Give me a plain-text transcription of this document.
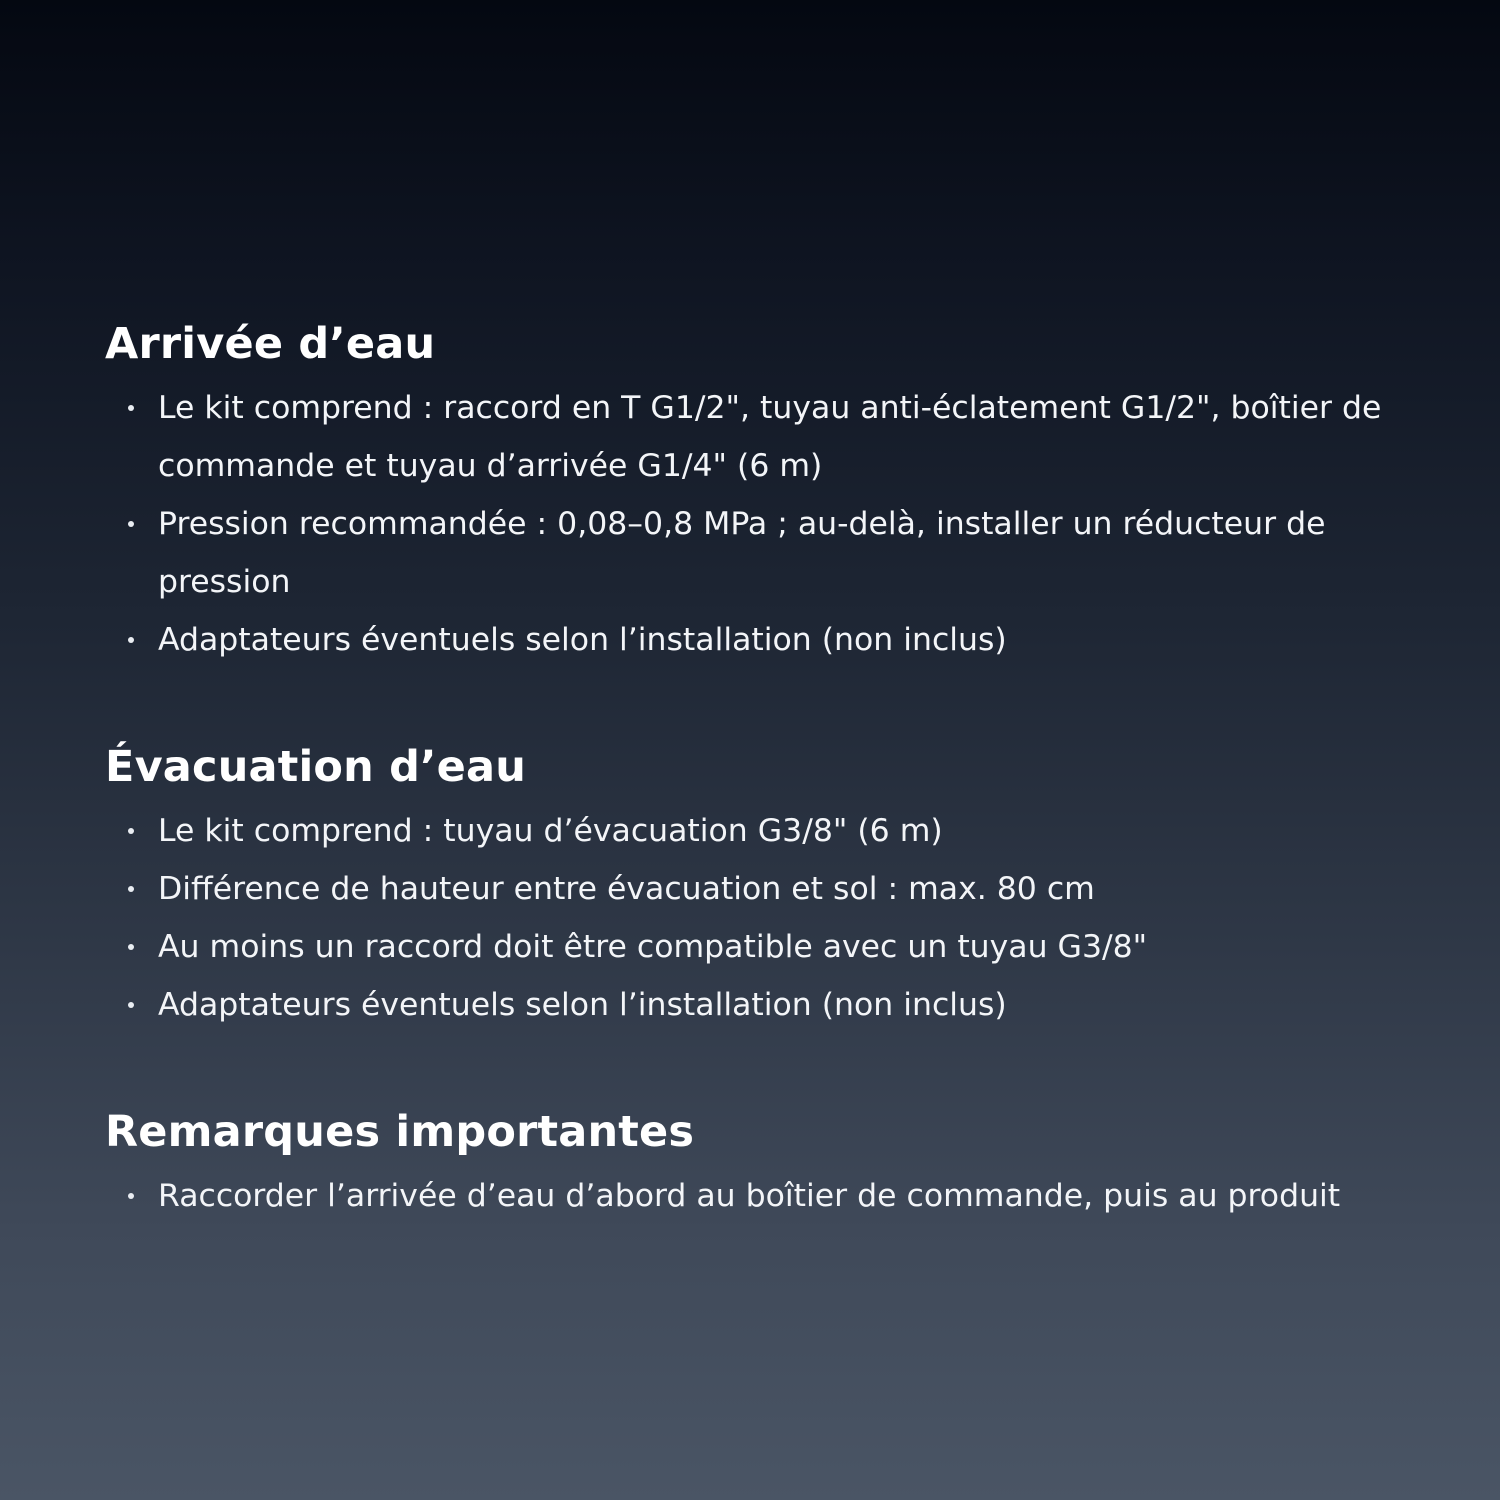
Arrivée d’eau
Le kit comprend : raccord en T G1/2", tuyau anti-éclatement G1/2", boîtier de commande et tuyau d’arrivée G1/4" (6 m)
Pression recommandée : 0,08–0,8 MPa ; au-delà, installer un réducteur de pression
Adaptateurs éventuels selon l’installation (non inclus)
Évacuation d’eau
Le kit comprend : tuyau d’évacuation G3/8" (6 m)
Différence de hauteur entre évacuation et sol : max. 80 cm
Au moins un raccord doit être compatible avec un tuyau G3/8"
Adaptateurs éventuels selon l’installation (non inclus)
Remarques importantes
Raccorder l’arrivée d’eau d’abord au boîtier de commande, puis au produit
